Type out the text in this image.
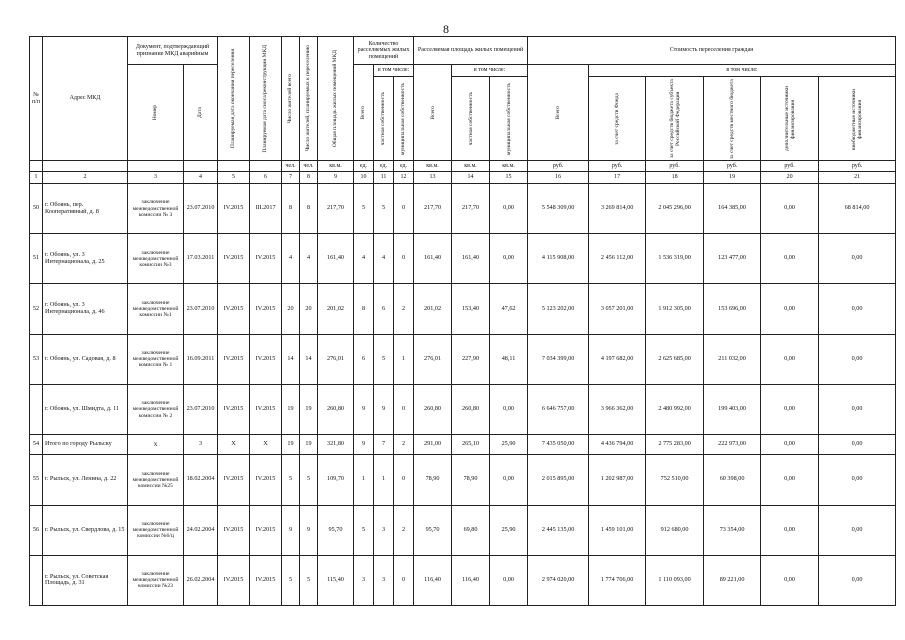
8
№ п/п	Адрес МКД	Документ, подтверждающий признание МКД аварийным		Планируемая дата окончания переселения	Планируемая дата сноса/реконструкции МКД	Число жителей всего	Число жителей, планируемых к переселению	Общая площадь жилых помещений МКД	Количество расселяемых жилых помещений			Расселяемая площадь жилых помещений			Стоимость переселения граждан					

		Номер	Дата						Всего	в том числе:		Всего	в том числе:		Всего	в том числе:				

										частная собственность	муниципальная собственность		частная собственность	муниципальная собственность		за счет средств Фонда	за счет средств бюджета субъекта Российской Федерации	за счет средств местного бюджета	дополнительные источники финансирования	внебюджетные источники финансирования

						чел.	чел.	кв.м.	ед.	ед.	ед.	кв.м.	кв.м.	кв.м.	руб.	руб.	руб.	руб.	руб.	руб.
1	2	3	4	5	6	7	8	9	10	11	12	13	14	15	16	17	18	19	20	21
50	г. Обоянь, пер. Кооперативный, д. 8	заключение межведомственной комиссии № 3	23.07.2010	IV.2015	III.2017	8	8	217,70	5	5	0	217,70	217,70	0,00	5 548 309,00	3 269 814,00	2 045 296,00	164 385,00	0,00	68 814,00
51	г. Обоянь, ул. 3 Интернационала, д. 25	заключение межведомственной комиссии №3	17.03.2011	IV.2015	IV.2015	4	4	161,40	4	4	0	161,40	161,40	0,00	4 115 908,00	2 456 112,00	1 536 319,00	123 477,00	0,00	0,00
52	г. Обоянь, ул. 3 Интернационала, д. 46	заключение межведомственной комиссии №1	23.07.2010	IV.2015	IV.2015	20	20	201,02	8	6	2	201,02	153,40	47,62	5 123 202,00	3 057 201,00	1 912 305,00	153 696,00	0,00	0,00
53	г. Обоянь, ул. Садовая, д. 8	заключение межведомственной комиссии № 1	16.09.2011	IV.2015	IV.2015	14	14	276,01	6	5	1	276,01	227,90	48,11	7 034 399,00	4 197 682,00	2 625 685,00	211 032,00	0,00	0,00
	г. Обоянь, ул. Шмидта, д. 11	заключение межведомственной комиссии № 2	23.07.2010	IV.2015	IV.2015	19	19	260,80	9	9	0	260,80	260,80	0,00	6 646 757,00	3 966 362,00	2 480 992,00	199 403,00	0,00	0,00
54	Итого по городу Рыльску	X	3	X	X	19	19	321,80	9	7	2	291,00	265,10	25,90	7 435 050,00	4 436 794,00	2 775 283,00	222 973,00	0,00	0,00
55	г. Рыльск, ул. Ленина, д. 22	заключение межведомственной комиссии №25	18.02.2004	IV.2015	IV.2015	5	5	109,70	1	1	0	78,90	78,90	0,00	2 015 895,00	1 202 987,00	752 510,00	60 398,00	0,00	0,00
56	г. Рыльск, ул. Свердлова, д. 15	заключение межведомственной комиссии №6/ц	24.02.2004	IV.2015	IV.2015	9	9	95,70	5	3	2	95,70	69,80	25,90	2 445 135,00	1 459 101,00	912 680,00	73 354,00	0,00	0,00
	г. Рыльск, ул. Советская Площадь, д. 31	заключение межведомственной комиссии №23	26.02.2004	IV.2015	IV.2015	5	5	115,40	3	3	0	116,40	116,40	0,00	2 974 020,00	1 774 706,00	1 110 093,00	89 221,00	0,00	0,00
